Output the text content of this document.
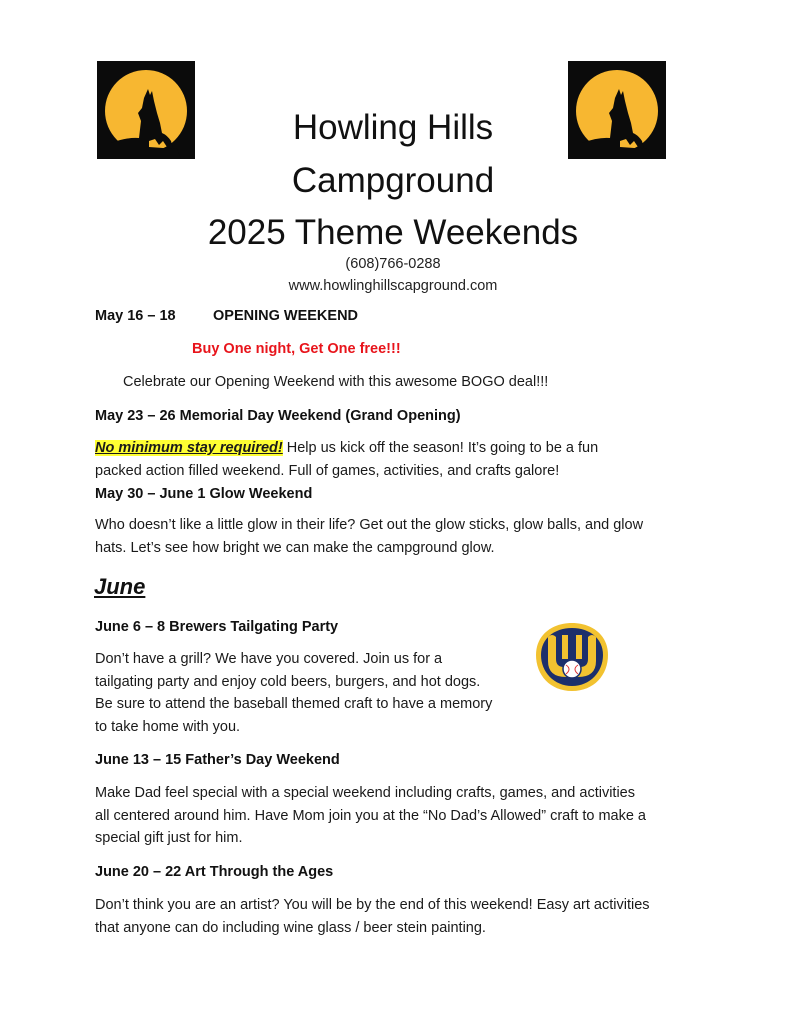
Howling Hills
Campground
2025 Theme Weekends
(608)766-0288
www.howlinghillscapground.com
May 16 – 18	OPENING WEEKEND
Buy One night, Get One free!!!
Celebrate our Opening Weekend with this awesome BOGO deal!!!
May 23 – 26 Memorial Day Weekend (Grand Opening)
No minimum stay required! Help us kick off the season! It’s going to be a fun
packed action filled weekend. Full of games, activities, and crafts galore!
May 30 – June 1 Glow Weekend
Who doesn’t like a little glow in their life? Get out the glow sticks, glow balls, and glow
hats. Let’s see how bright we can make the campground glow.
June
June 6 – 8 Brewers Tailgating Party
Don’t have a grill? We have you covered. Join us for a
tailgating party and enjoy cold beers, burgers, and hot dogs.
Be sure to attend the baseball themed craft to have a memory
to take home with you.
June 13 – 15 Father’s Day Weekend
Make Dad feel special with a special weekend including crafts, games, and activities
all centered around him. Have Mom join you at the “No Dad’s Allowed” craft to make a
special gift just for him.
June 20 – 22 Art Through the Ages
Don’t think you are an artist? You will be by the end of this weekend! Easy art activities
that anyone can do including wine glass / beer stein painting.
